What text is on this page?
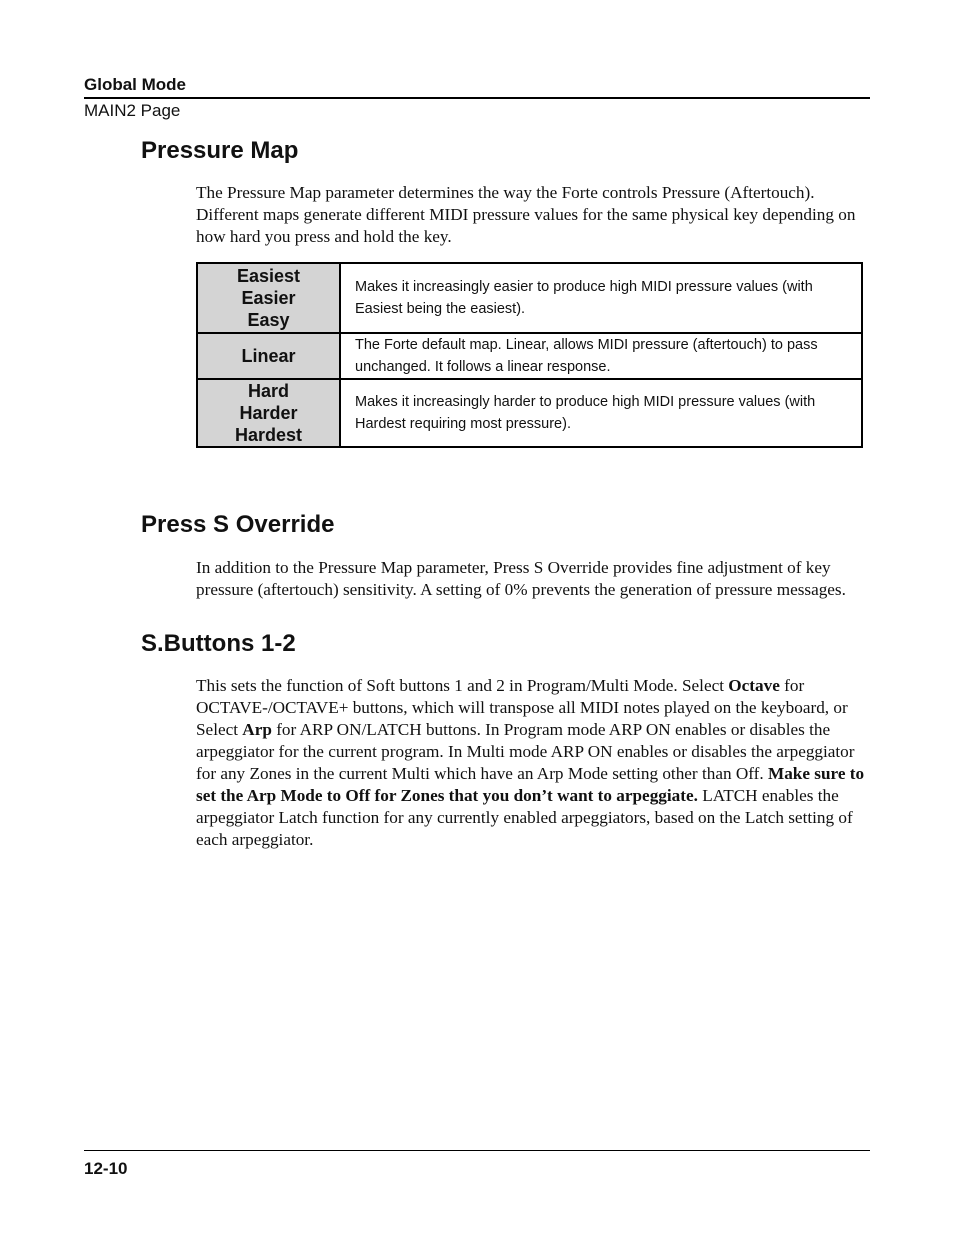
Global Mode
MAIN2 Page
Pressure Map

The Pressure Map parameter determines the way the Forte controls Pressure (Aftertouch). Different maps generate different MIDI pressure values for the same physical key depending on how hard you press and hold the key.

Easiest
Easier
Easy	Makes it increasingly easier to produce high MIDI pressure values (with Easiest being the easiest).

Linear	The Forte default map. Linear, allows MIDI pressure (aftertouch) to pass unchanged. It follows a linear response.

Hard
Harder
Hardest	Makes it increasingly harder to produce high MIDI pressure values (with Hardest requiring most pressure).
Press S Override

In addition to the Pressure Map parameter, Press S Override provides fine adjustment of key pressure (aftertouch) sensitivity. A setting of 0% prevents the generation of pressure messages.

S.Buttons 1-2

This sets the function of Soft buttons 1 and 2 in Program/Multi Mode. Select Octave for OCTAVE-/OCTAVE+ buttons, which will transpose all MIDI notes played on the keyboard, or Select Arp for ARP ON/LATCH buttons. In Program mode ARP ON enables or disables the arpeggiator for the current program. In Multi mode ARP ON enables or disables the arpeggiator for any Zones in the current Multi which have an Arp Mode setting other than Off. Make sure to set the Arp Mode to Off for Zones that you don’t want to arpeggiate. LATCH enables the arpeggiator Latch function for any currently enabled arpeggiators, based on the Latch setting of each arpeggiator.

12-10
